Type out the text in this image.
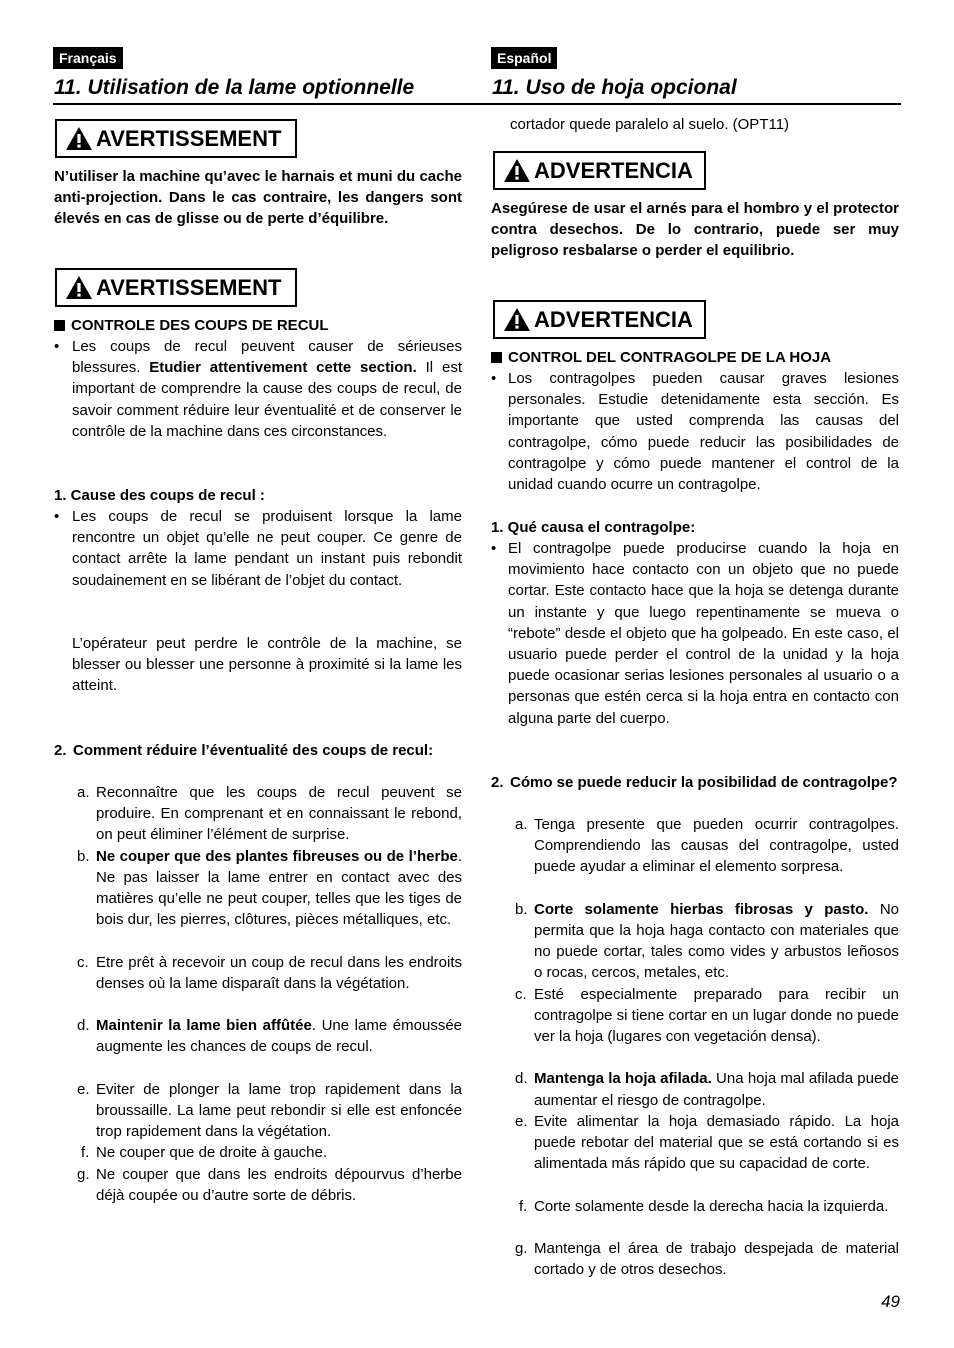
Français	Español
11. Utilisation de la lame optionnelle	11. Uso de hoja opcional
AVERTISSEMENT
N’utiliser la machine qu’avec le harnais et muni du cache anti-projection. Dans le cas contraire, les dangers sont élevés en cas de glisse ou de perte d’équilibre.
AVERTISSEMENT
CONTROLE DES COUPS DE RECUL
• Les coups de recul peuvent causer de sérieuses blessures. Etudier attentivement cette section. Il est important de comprendre la cause des coups de recul, de savoir comment réduire leur éventualité et de conserver le contrôle de la machine dans ces circonstances.

1. Cause des coups de recul :
• Les coups de recul se produisent lorsque la lame rencontre un objet qu’elle ne peut couper. Ce genre de contact arrête la lame pendant un instant puis rebondit soudainement en se libérant de l’objet du contact.

L’opérateur peut perdre le contrôle de la machine, se blesser ou blesser une personne à proximité si la lame les atteint.
2. Comment réduire l’éventualité des coups de recul:

a. Reconnaître que les coups de recul peuvent se produire. En comprenant et en connaissant le rebond, on peut éliminer l’élément de surprise.

b. Ne couper que des plantes fibreuses ou de l’herbe. Ne pas laisser la lame entrer en contact avec des matières qu’elle ne peut couper, telles que les tiges de bois dur, les pierres, clôtures, pièces métalliques, etc.

c. Etre prêt à recevoir un coup de recul dans les endroits denses où la lame disparaît dans la végétation.

d. Maintenir la lame bien affûtée. Une lame émoussée augmente les chances de coups de recul.

e. Eviter de plonger la lame trop rapidement dans la broussaille. La lame peut rebondir si elle est enfoncée trop rapidement dans la végétation.

f. Ne couper que de droite à gauche.

g. Ne couper que dans les endroits dépourvus d’herbe déjà coupée ou d’autre sorte de débris.

cortador quede paralelo al suelo. (OPT11)
ADVERTENCIA
Asegúrese de usar el arnés para el hombro y el protector contra desechos. De lo contrario, puede ser muy peligroso resbalarse o perder el equilibrio.
ADVERTENCIA
CONTROL DEL CONTRAGOLPE DE LA HOJA
• Los contragolpes pueden causar graves lesiones personales. Estudie detenidamente esta sección. Es importante que usted comprenda las causas del contragolpe, cómo puede reducir las posibilidades de contragolpe y cómo puede mantener el control de la unidad cuando ocurre un contragolpe.

1. Qué causa el contragolpe:
• El contragolpe puede producirse cuando la hoja en movimiento hace contacto con un objeto que no puede cortar. Este contacto hace que la hoja se detenga durante un instante y que luego repentinamente se mueva o “rebote” desde el objeto que ha golpeado. En este caso, el usuario puede perder el control de la unidad y la hoja puede ocasionar serias lesiones personales al usuario o a personas que estén cerca si la hoja entra en contacto con alguna parte del cuerpo.

2. Cómo se puede reducir la posibilidad de contragolpe?

a. Tenga presente que pueden ocurrir contragolpes. Comprendiendo las causas del contragolpe, usted puede ayudar a eliminar el elemento sorpresa.

b. Corte solamente hierbas fibrosas y pasto. No permita que la hoja haga contacto con materiales que no puede cortar, tales como vides y arbustos leñosos o rocas, cercos, metales, etc.

c. Esté especialmente preparado para recibir un contragolpe si tiene cortar en un lugar donde no puede ver la hoja (lugares con vegetación densa).

d. Mantenga la hoja afilada. Una hoja mal afilada puede aumentar el riesgo de contragolpe.

e. Evite alimentar la hoja demasiado rápido. La hoja puede rebotar del material que se está cortando si es alimentada más rápido que su capacidad de corte.

f. Corte solamente desde la derecha hacia la izquierda.

g. Mantenga el área de trabajo despejada de material cortado y de otros desechos.

49
